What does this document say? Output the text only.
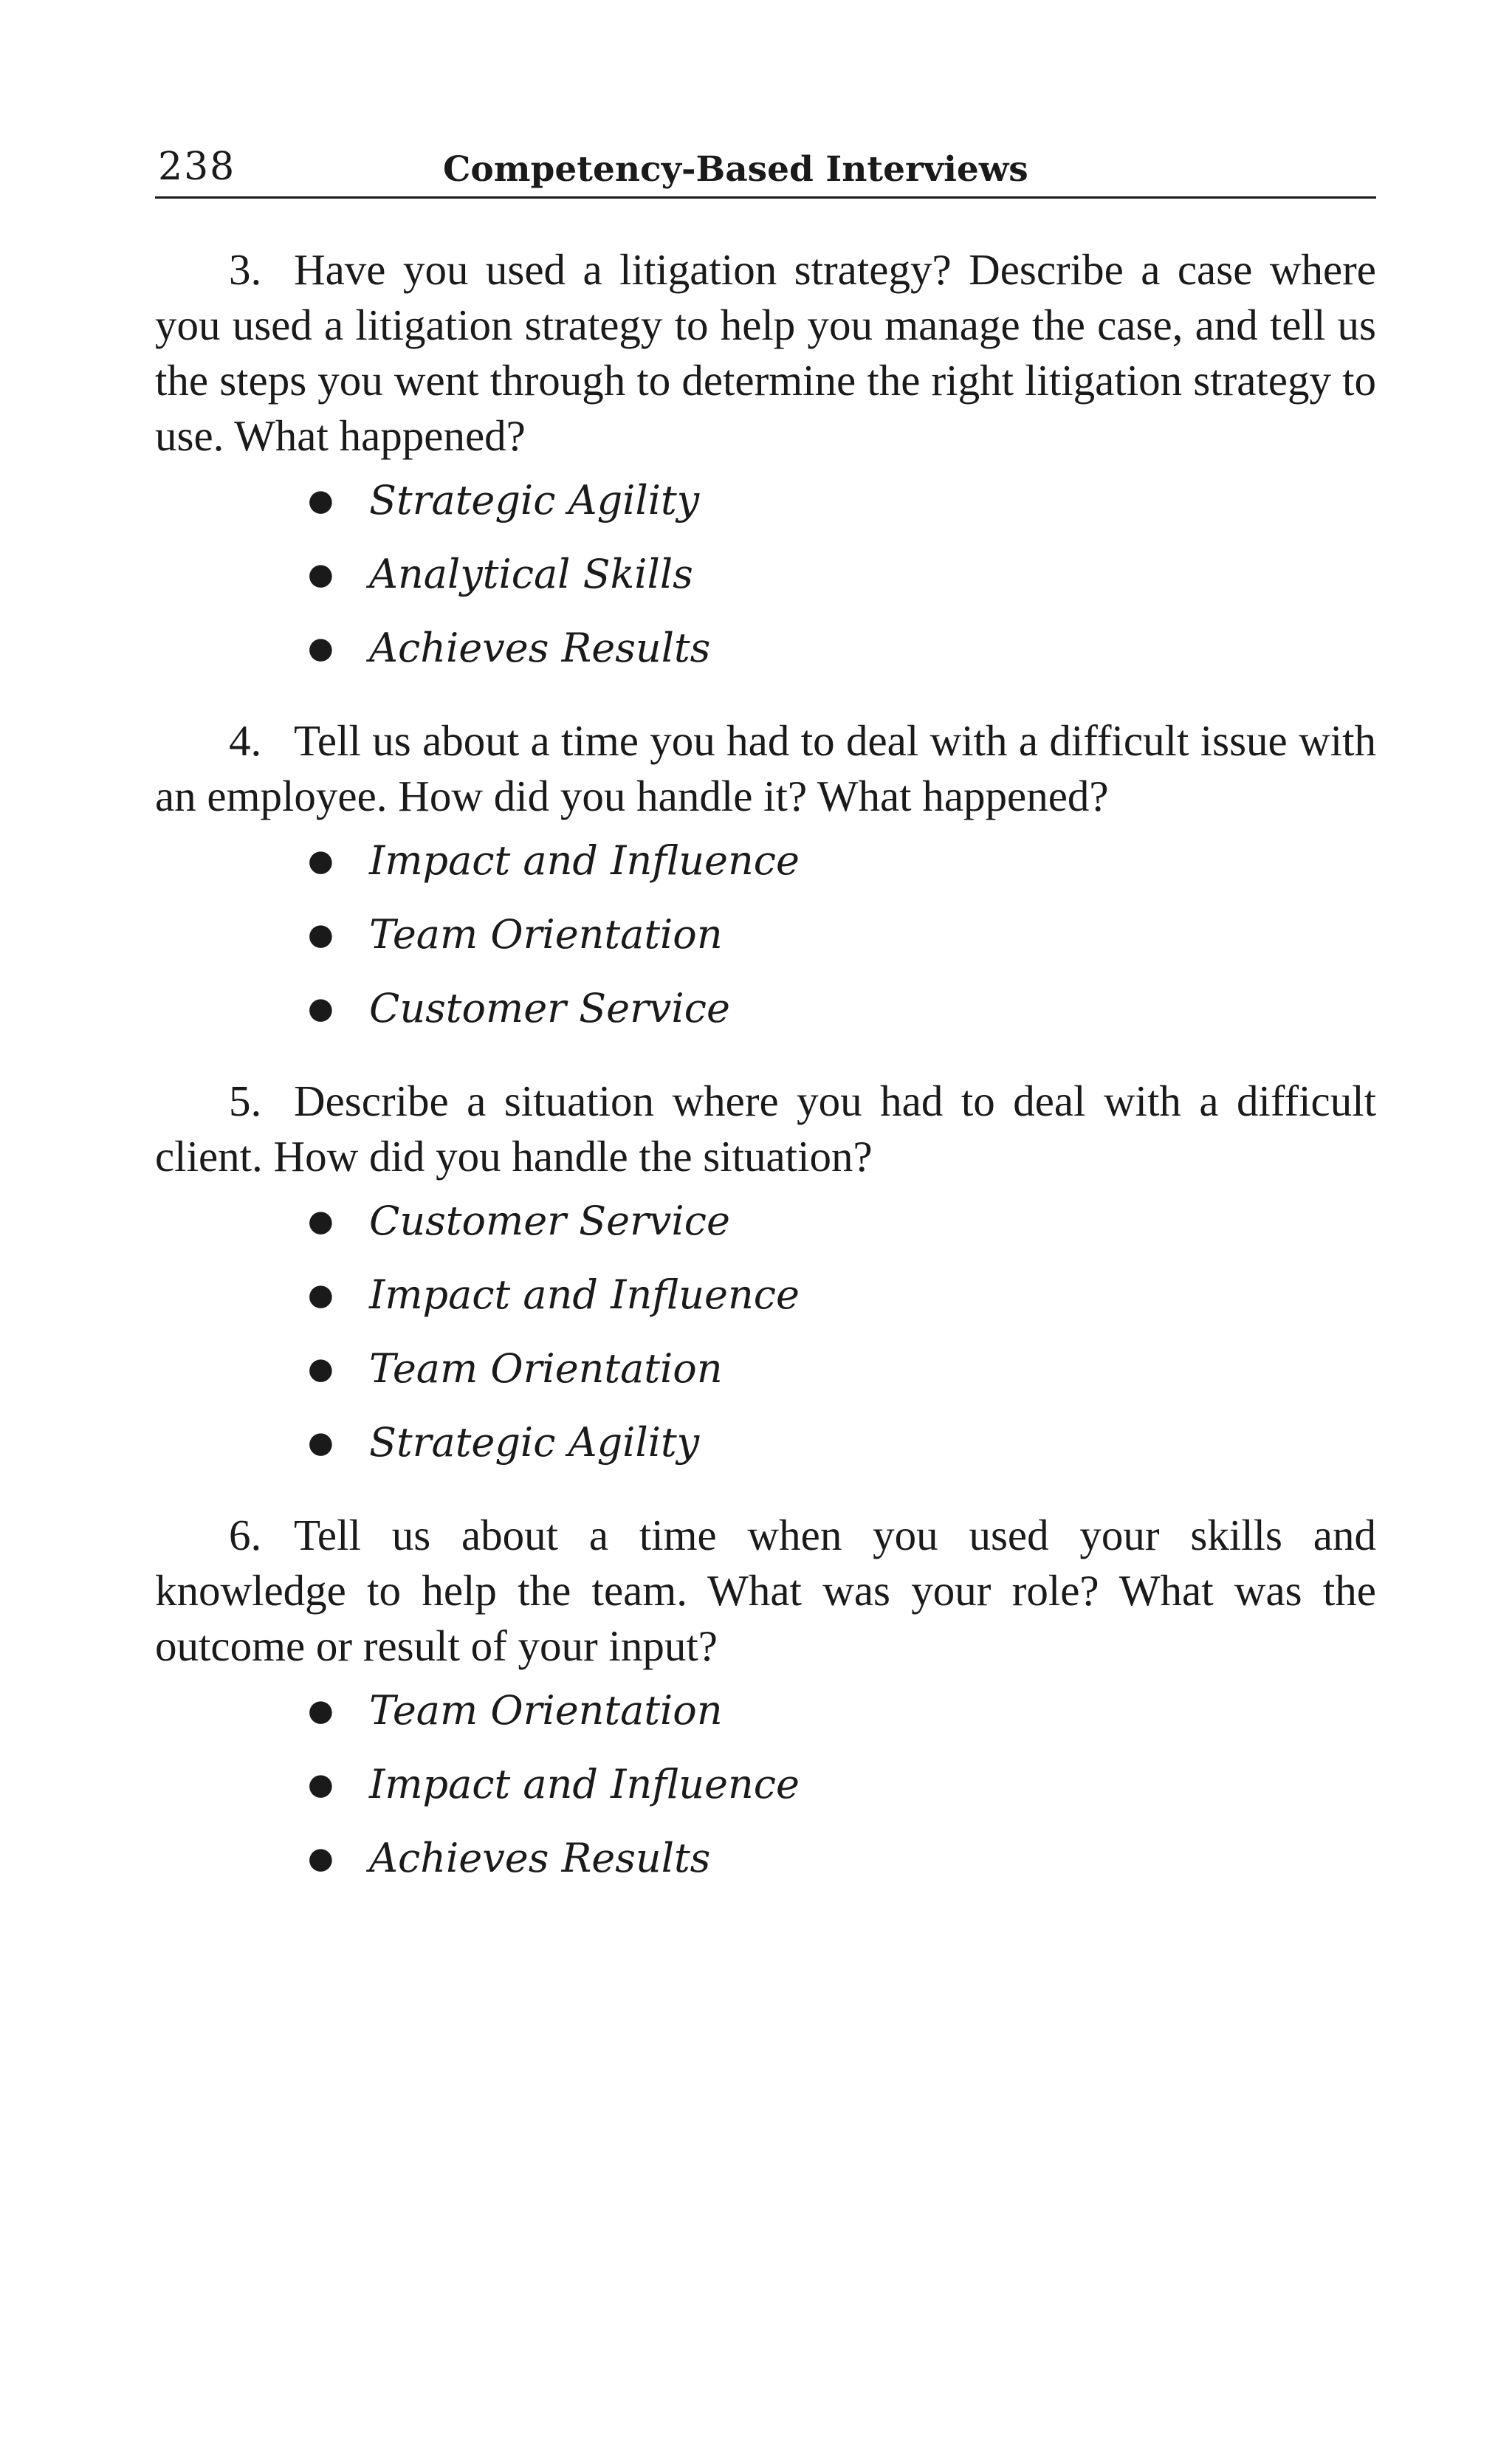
238	Competency-Based Interviews

3. Have you used a litigation strategy? Describe a case where you used a litigation strategy to help you manage the case, and tell us the steps you went through to determine the right litigation strategy to use. What happened?

● Strategic Agility
● Analytical Skills
● Achieves Results

4. Tell us about a time you had to deal with a difficult issue with an employee. How did you handle it? What happened?

● Impact and Influence
● Team Orientation
● Customer Service

5. Describe a situation where you had to deal with a difficult client. How did you handle the situation?

● Customer Service
● Impact and Influence
● Team Orientation
● Strategic Agility

6. Tell us about a time when you used your skills and knowledge to help the team. What was your role? What was the outcome or result of your input?

● Team Orientation
● Impact and Influence
● Achieves Results
